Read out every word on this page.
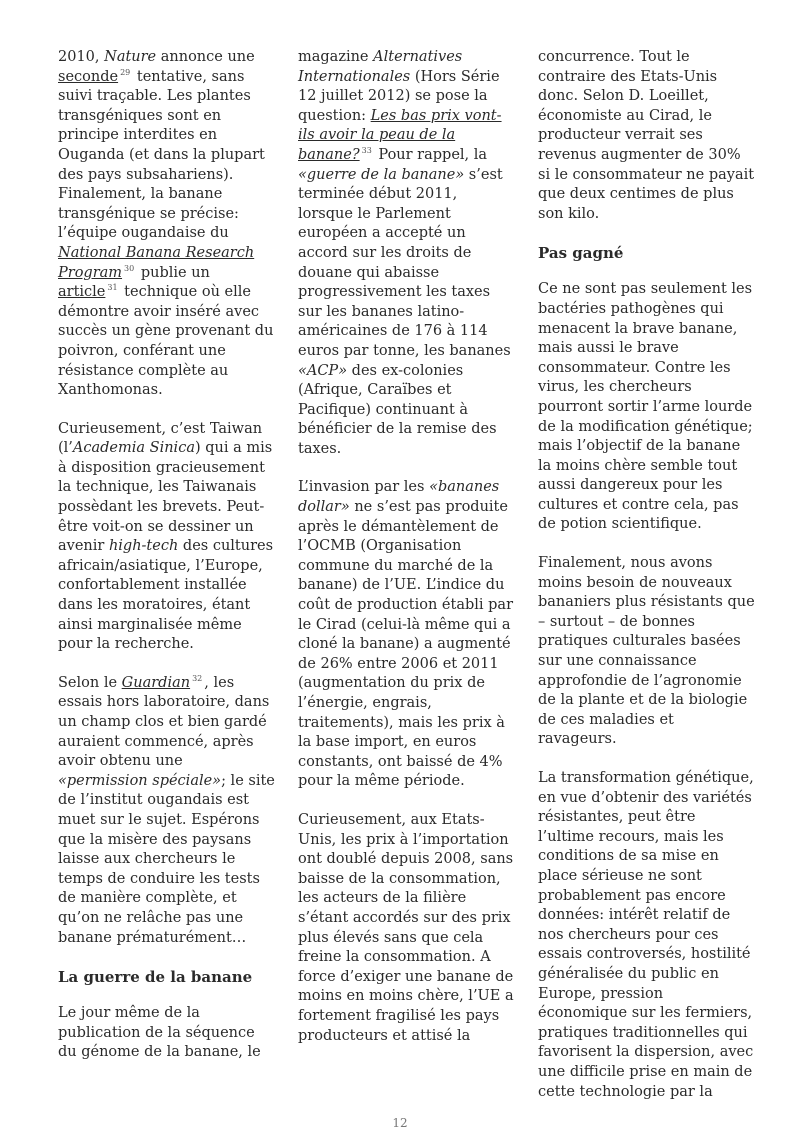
2010, Nature annonce une seconde $^{29}$ tentative, sans suivi traçable. Les plantes transgéniques sont en principe interdites en Ouganda (et dans la plupart des pays subsahariens). Finalement, la banane transgénique se précise: l’équipe ougandaise du National Banana Research Program $^{30}$ publie un article $^{31}$ technique où elle démontre avoir inséré avec succès un gène provenant du poivron, conférant une résistance complète au Xanthomonas.

Curieusement, c’est Taiwan (l’Academia Sinica) qui a mis à disposition gracieusement la technique, les Taiwanais possèdant les brevets. Peut-être voit-on se dessiner un avenir high-tech des cultures africain/asiatique, l’Europe, confortablement installée dans les moratoires, étant ainsi marginalisée même pour la recherche.

Selon le Guardian $^{32}$ , les essais hors laboratoire, dans un champ clos et bien gardé auraient commencé, après avoir obtenu une «permission spéciale»; le site de l’institut ougandais est muet sur le sujet. Espérons que la misère des paysans laisse aux chercheurs le temps de conduire les tests de manière complète, et qu’on ne relâche pas une banane prématurément…

La guerre de la banane

Le jour même de la publication de la séquence du génome de la banane, le

magazine Alternatives Internationales (Hors Série 12 juillet 2012) se pose la question: Les bas prix vont-ils avoir la peau de la banane? $^{33}$ Pour rappel, la «guerre de la banane» s’est terminée début 2011, lorsque le Parlement européen a accepté un accord sur les droits de douane qui abaisse progressivement les taxes sur les bananes latino-américaines de 176 à 114 euros par tonne, les bananes «ACP» des ex-colonies (Afrique, Caraïbes et Pacifique) continuant à bénéficier de la remise des taxes.

L’invasion par les «bananes dollar» ne s’est pas produite après le démantèlement de l’OCMB (Organisation commune du marché de la banane) de l’UE. L’indice du coût de production établi par le Cirad (celui-là même qui a cloné la banane) a augmenté de 26% entre 2006 et 2011 (augmentation du prix de l’énergie, engrais, traitements), mais les prix à la base import, en euros constants, ont baissé de 4% pour la même période.

Curieusement, aux Etats-Unis, les prix à l’importation ont doublé depuis 2008, sans baisse de la consommation, les acteurs de la filière s’étant accordés sur des prix plus élevés sans que cela freine la consommation. A force d’exiger une banane de moins en moins chère, l’UE a fortement fragilisé les pays producteurs et attisé la

concurrence. Tout le contraire des Etats-Unis donc. Selon D. Loeillet, économiste au Cirad, le producteur verrait ses revenus augmenter de 30% si le consommateur ne payait que deux centimes de plus son kilo.

Pas gagné

Ce ne sont pas seulement les bactéries pathogènes qui menacent la brave banane, mais aussi le brave consommateur. Contre les virus, les chercheurs pourront sortir l’arme lourde de la modification génétique; mais l’objectif de la banane la moins chère semble tout aussi dangereux pour les cultures et contre cela, pas de potion scientifique.

Finalement, nous avons moins besoin de nouveaux bananiers plus résistants que – surtout – de bonnes pratiques culturales basées sur une connaissance approfondie de l’agronomie de la plante et de la biologie de ces maladies et ravageurs.

La transformation génétique, en vue d’obtenir des variétés résistantes, peut être l’ultime recours, mais les conditions de sa mise en place sérieuse ne sont probablement pas encore données: intérêt relatif de nos chercheurs pour ces essais controversés, hostilité généralisée du public en Europe, pression économique sur les fermiers, pratiques traditionnelles qui favorisent la dispersion, avec une difficile prise en main de cette technologie par la

12
